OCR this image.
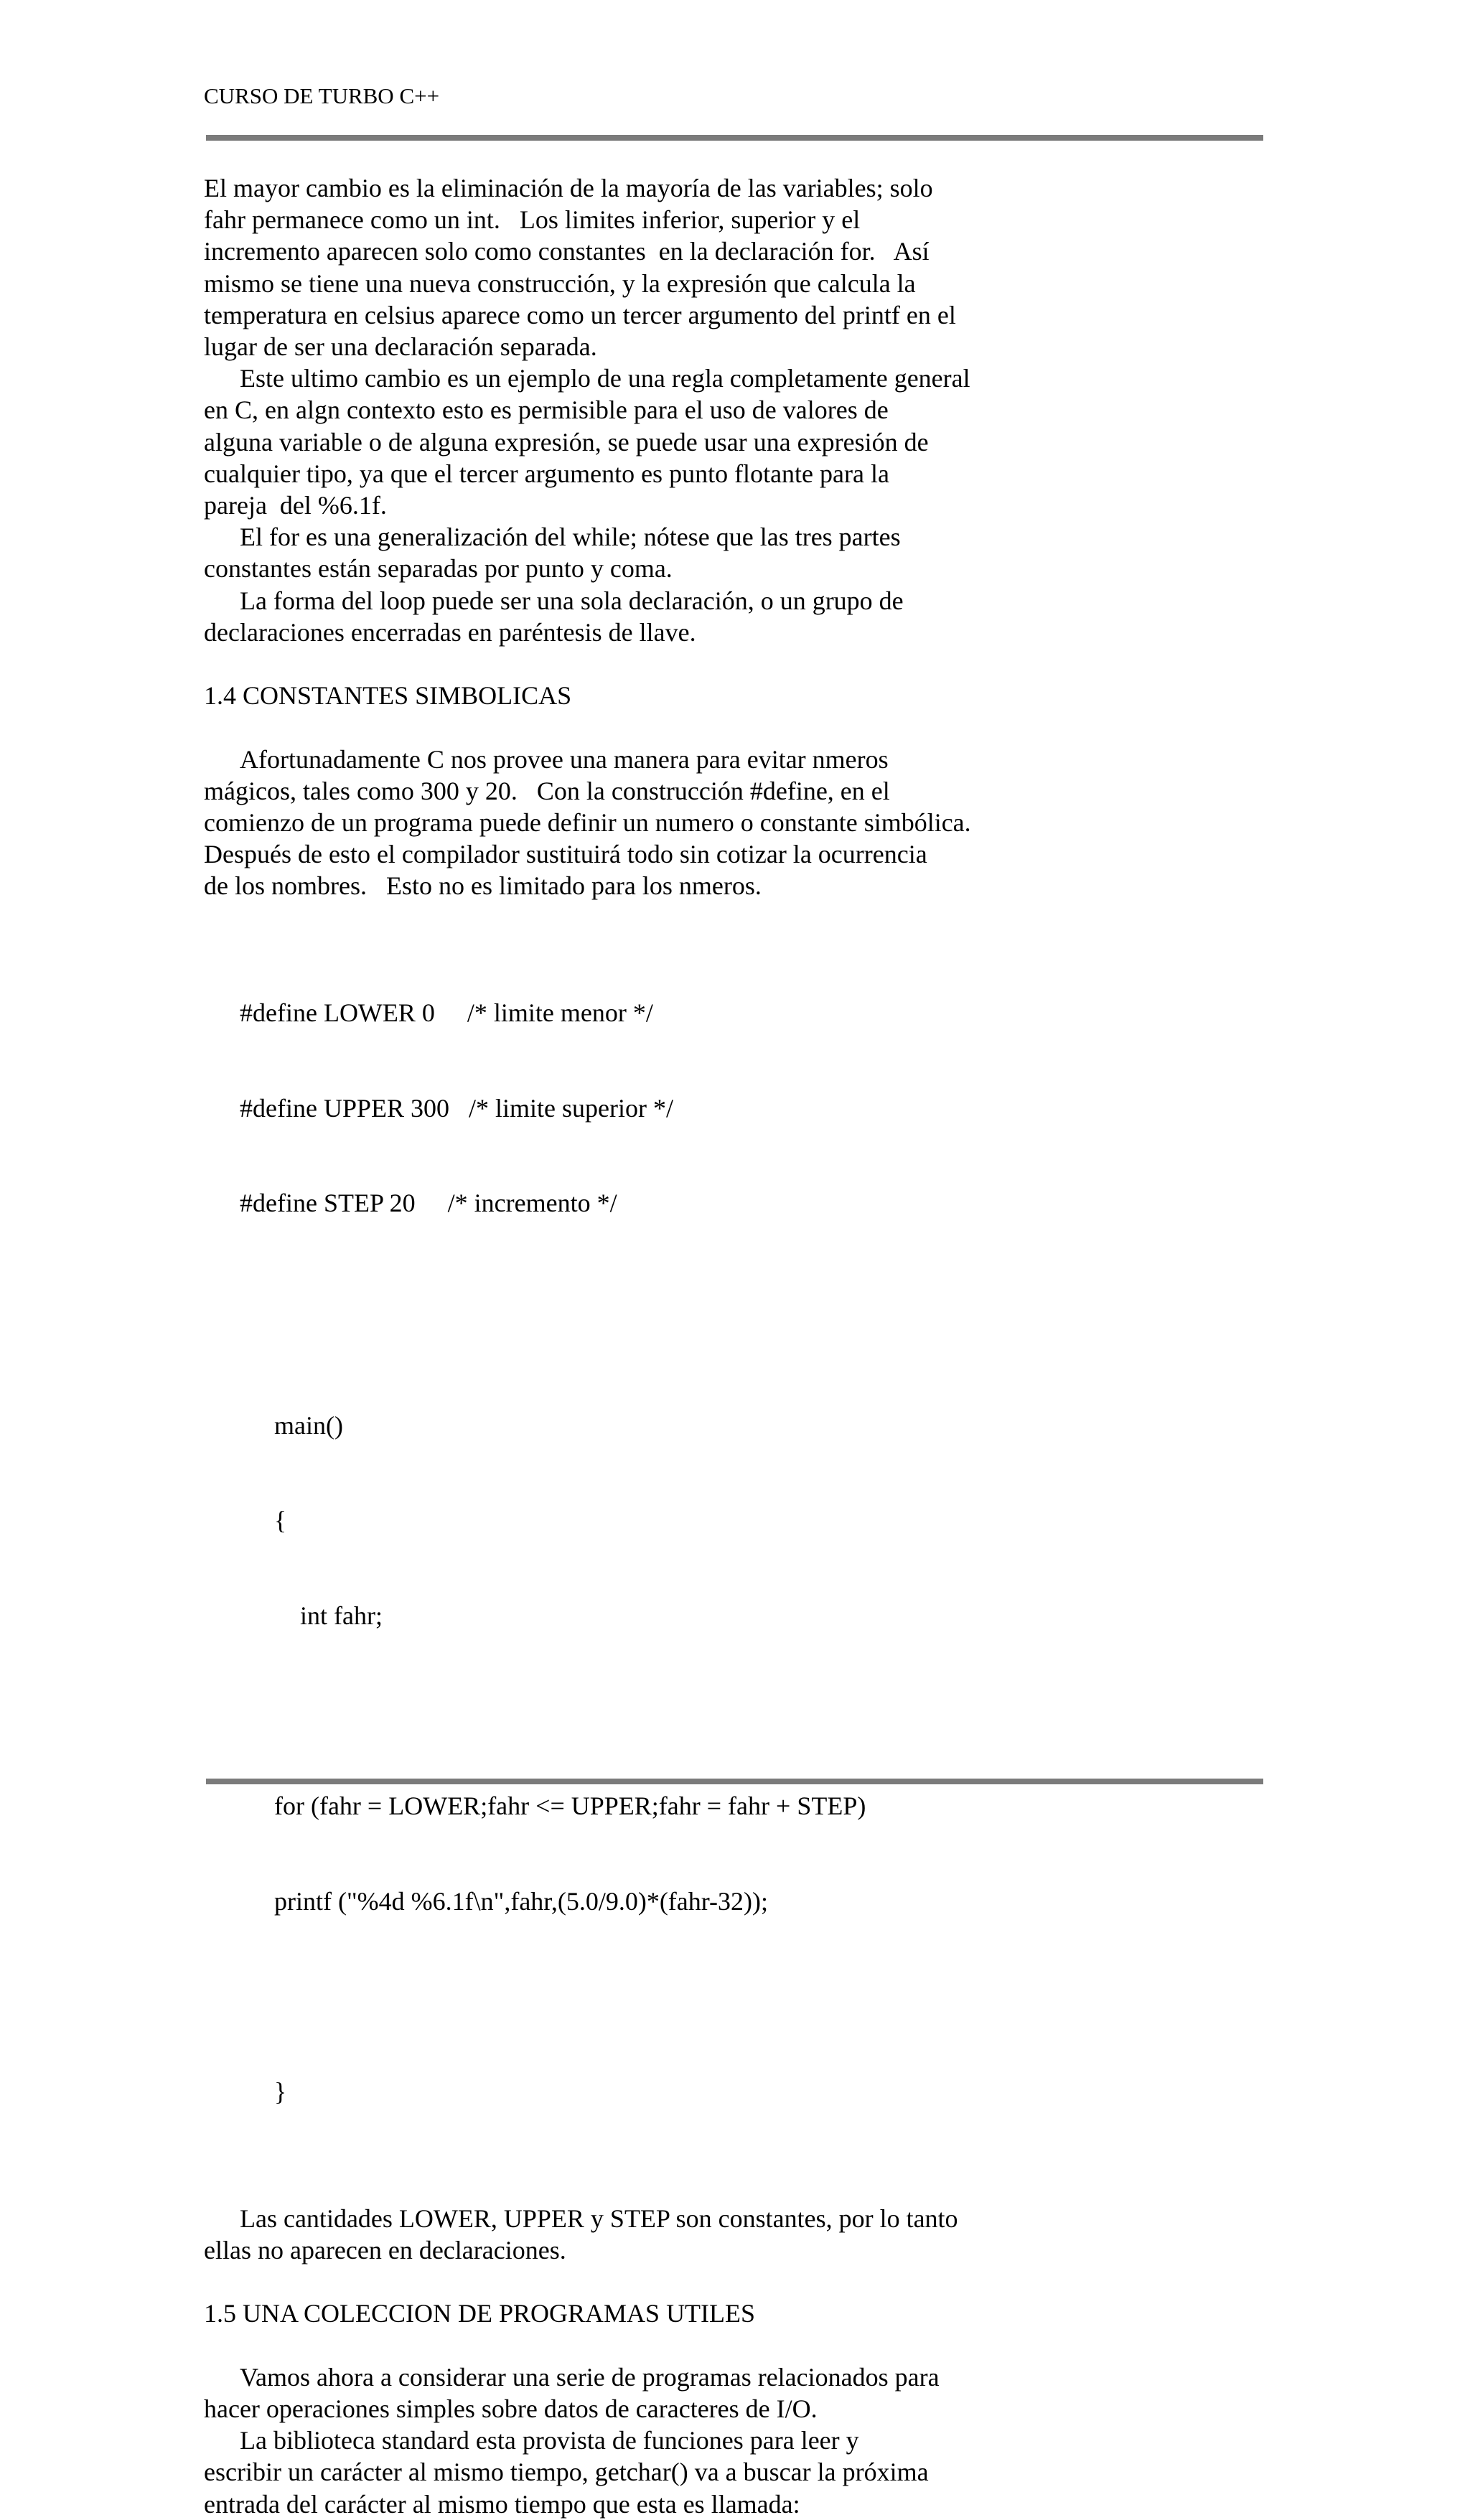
CURSO DE TURBO C++

El mayor cambio es la eliminación de la mayoría de las variables; solo
fahr permanece como un int.   Los limites inferior, superior y el
incremento aparecen solo como constantes  en la declaración for.   Así
mismo se tiene una nueva construcción, y la expresión que calcula la
temperatura en celsius aparece como un tercer argumento del printf en el
lugar de ser una declaración separada.

Este ultimo cambio es un ejemplo de una regla completamente general
en C, en algn contexto esto es permisible para el uso de valores de
alguna variable o de alguna expresión, se puede usar una expresión de
cualquier tipo, ya que el tercer argumento es punto flotante para la
pareja  del %6.1f.

El for es una generalización del while; nótese que las tres partes
constantes están separadas por punto y coma.

La forma del loop puede ser una sola declaración, o un grupo de
declaraciones encerradas en paréntesis de llave.

1.4 CONSTANTES SIMBOLICAS

Afortunadamente C nos provee una manera para evitar nmeros
mágicos, tales como 300 y 20.   Con la construcción #define, en el
comienzo de un programa puede definir un numero o constante simbólica.
Después de esto el compilador sustituirá todo sin cotizar la ocurrencia
de los nombres.   Esto no es limitado para los nmeros.

#define LOWER 0     /* limite menor */

#define UPPER 300   /* limite superior */

#define STEP 20     /* incremento */

main()

{

int fahr;

for (fahr = LOWER;fahr <= UPPER;fahr = fahr + STEP)

printf ("%4d %6.1f\n",fahr,(5.0/9.0)*(fahr-32));

}

Las cantidades LOWER, UPPER y STEP son constantes, por lo tanto
ellas no aparecen en declaraciones.

1.5 UNA COLECCION DE PROGRAMAS UTILES

Vamos ahora a considerar una serie de programas relacionados para
hacer operaciones simples sobre datos de caracteres de I/O.

La biblioteca standard esta provista de funciones para leer y
escribir un carácter al mismo tiempo, getchar() va a buscar la próxima
entrada del carácter al mismo tiempo que esta es llamada:
